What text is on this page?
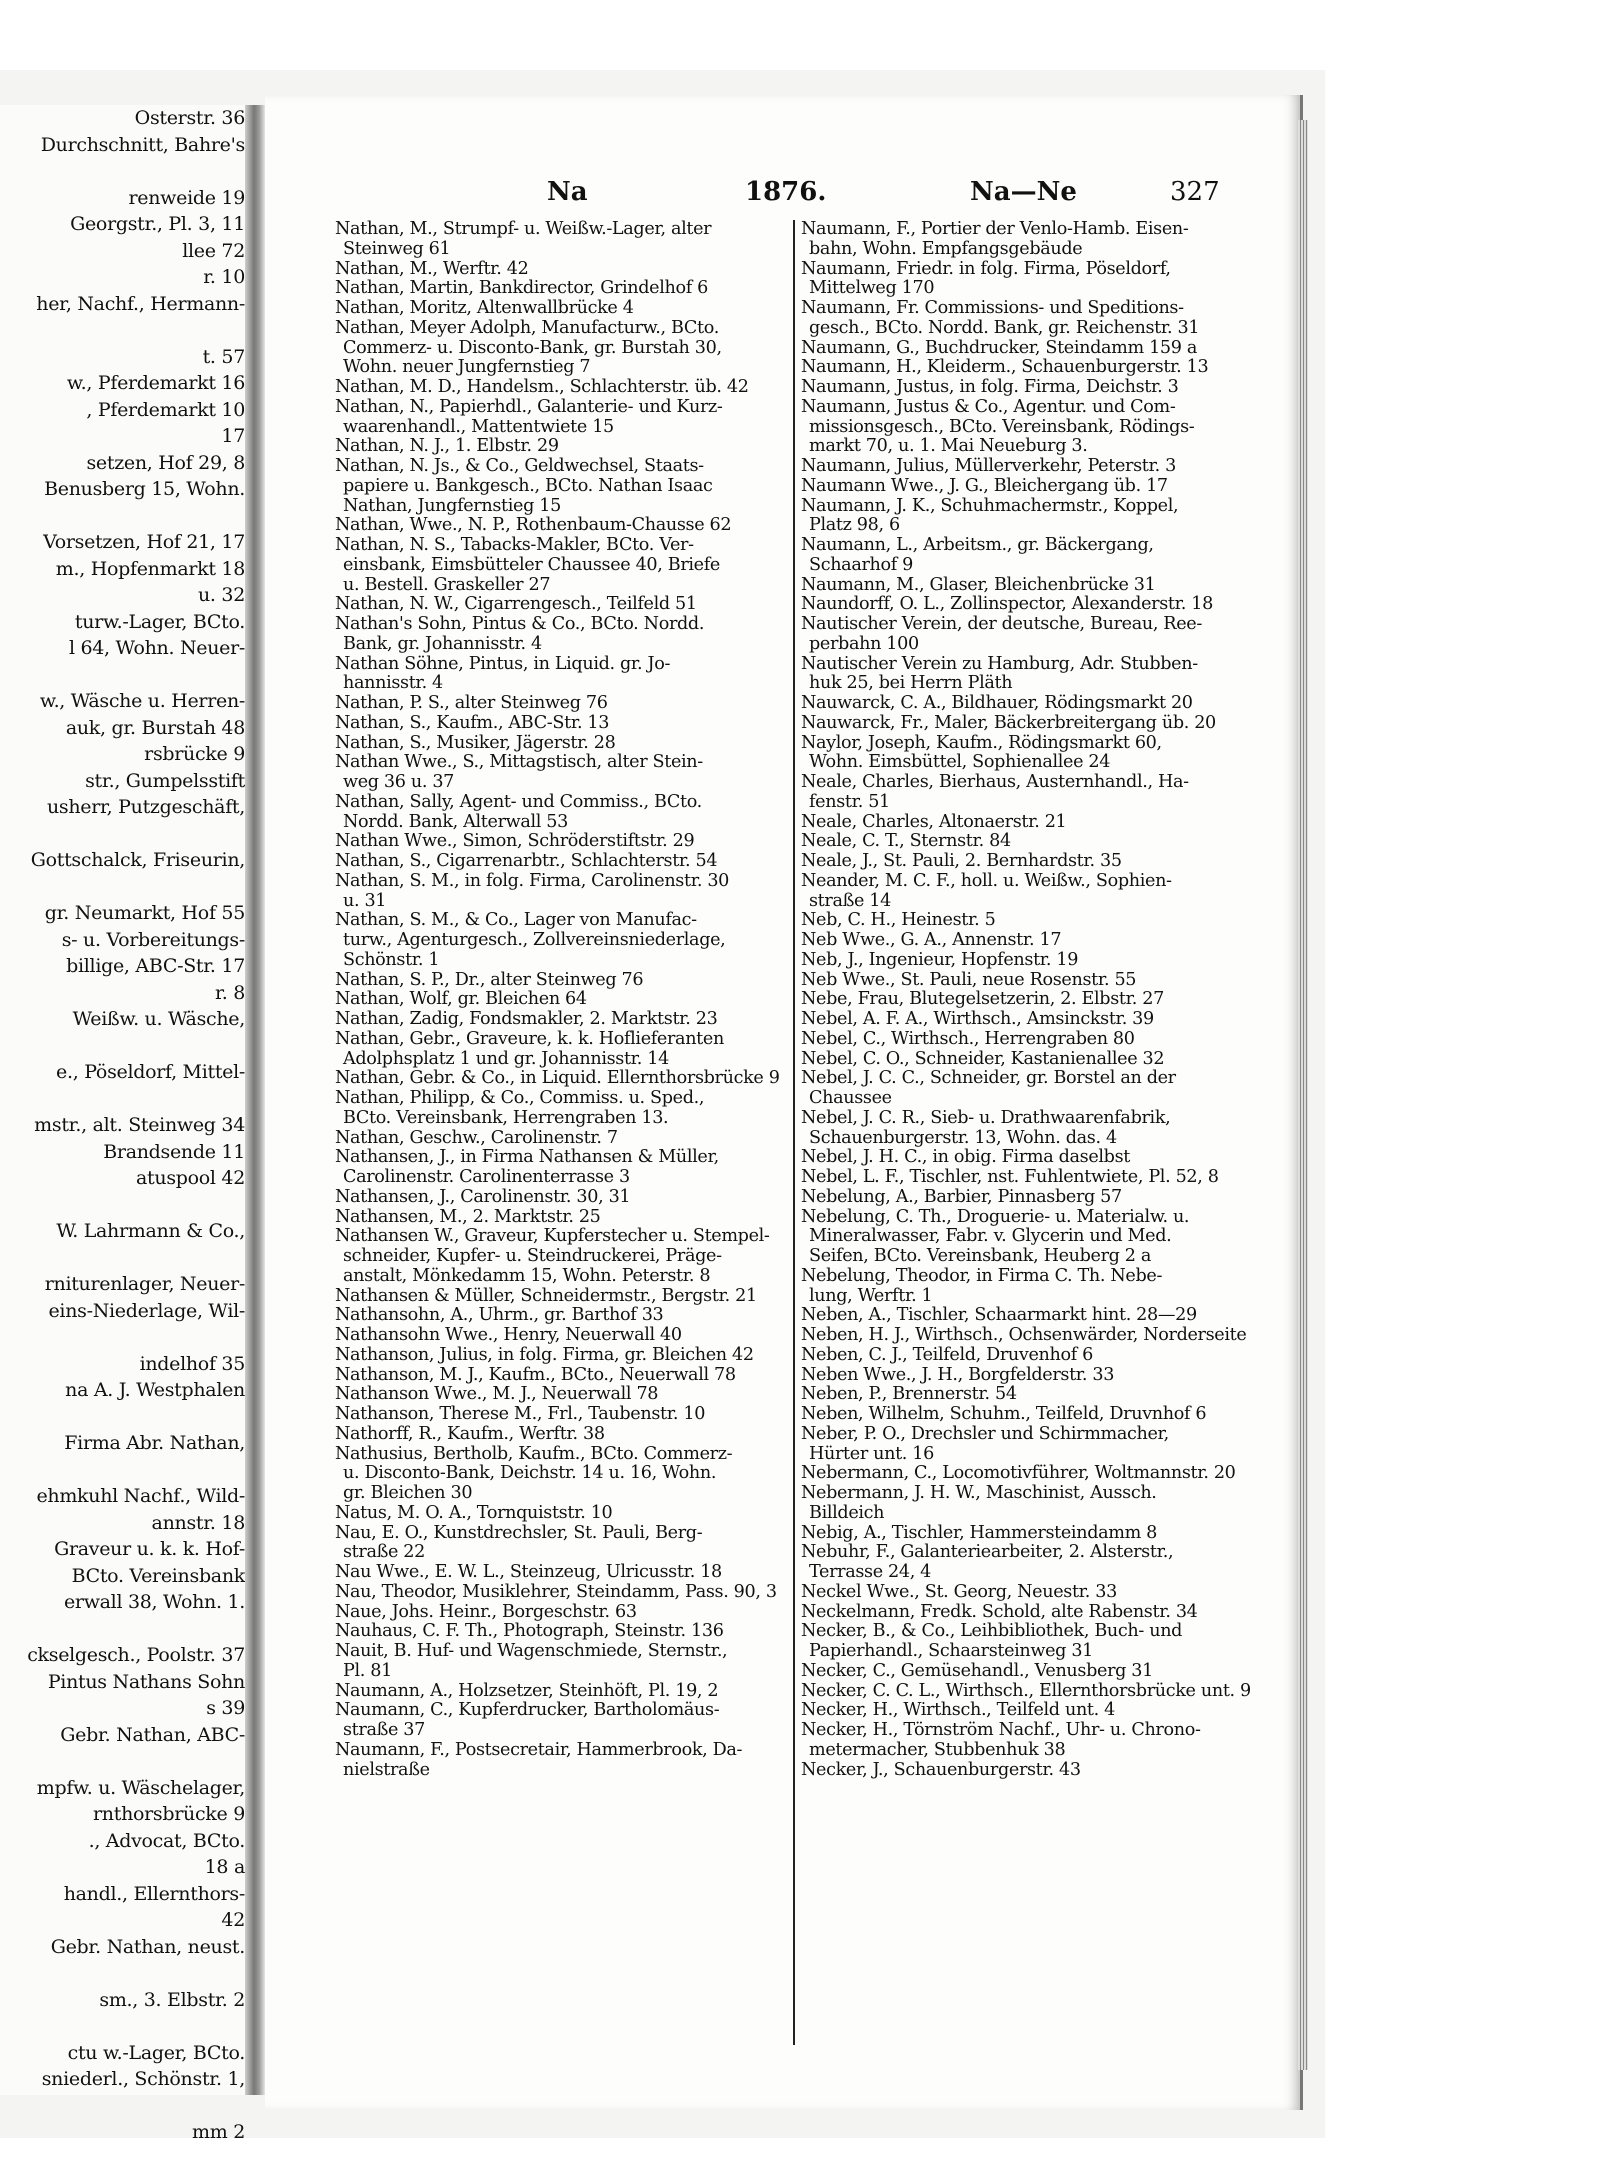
Osterstr. 36
Durchschnitt, Bahre's

renweide 19
Georgstr., Pl. 3, 11
llee 72
r. 10
her, Nachf., Hermann-

t. 57
w., Pferdemarkt 16
, Pferdemarkt 10
17
setzen, Hof 29, 8
Benusberg 15, Wohn.

Vorsetzen, Hof 21, 17
m., Hopfenmarkt 18
u. 32
turw.-Lager, BCto.
l 64, Wohn. Neuer-

w., Wäsche u. Herren-
auk, gr. Burstah 48
rsbrücke 9
str., Gumpelsstift
usherr, Putzgeschäft,

Gottschalck, Friseurin,

gr. Neumarkt, Hof 55
s- u. Vorbereitungs-
billige, ABC-Str. 17
r. 8
Weißw. u. Wäsche,

e., Pöseldorf, Mittel-

mstr., alt. Steinweg 34
Brandsende 11
atuspool 42

W. Lahrmann & Co.,

rniturenlager, Neuer-
eins-Niederlage, Wil-

indelhof 35
na A. J. Westphalen

Firma Abr. Nathan,

ehmkuhl Nachf., Wild-
annstr. 18
Graveur u. k. k. Hof-
BCto. Vereinsbank
erwall 38, Wohn. 1.

ckselgesch., Poolstr. 37
Pintus Nathans Sohn
s 39
Gebr. Nathan, ABC-

mpfw. u. Wäschelager,
rnthorsbrücke 9
., Advocat, BCto.
18 a
handl., Ellernthors-
42
Gebr. Nathan, neust.

sm., 3. Elbstr. 2

ctu w.-Lager, BCto.
sniederl., Schönstr. 1,

mm 2
Na	1876.	Na—Ne	327
Nathan, M., Strumpf- u. Weißw.-Lager, alter
Steinweg 61
Nathan, M., Werftr. 42
Nathan, Martin, Bankdirector, Grindelhof 6
Nathan, Moritz, Altenwallbrücke 4
Nathan, Meyer Adolph, Manufacturw., BCto.
Commerz- u. Disconto-Bank, gr. Burstah 30,
Wohn. neuer Jungfernstieg 7
Nathan, M. D., Handelsm., Schlachterstr. üb. 42
Nathan, N., Papierhdl., Galanterie- und Kurz-
waarenhandl., Mattentwiete 15
Nathan, N. J., 1. Elbstr. 29
Nathan, N. Js., & Co., Geldwechsel, Staats-
papiere u. Bankgesch., BCto. Nathan Isaac
Nathan, Jungfernstieg 15
Nathan, Wwe., N. P., Rothenbaum-Chausse 62
Nathan, N. S., Tabacks-Makler, BCto. Ver-
einsbank, Eimsbütteler Chaussee 40, Briefe
u. Bestell. Graskeller 27
Nathan, N. W., Cigarrengesch., Teilfeld 51
Nathan's Sohn, Pintus & Co., BCto. Nordd.
Bank, gr. Johannisstr. 4
Nathan Söhne, Pintus, in Liquid. gr. Jo-
hannisstr. 4
Nathan, P. S., alter Steinweg 76
Nathan, S., Kaufm., ABC-Str. 13
Nathan, S., Musiker, Jägerstr. 28
Nathan Wwe., S., Mittagstisch, alter Stein-
weg 36 u. 37
Nathan, Sally, Agent- und Commiss., BCto.
Nordd. Bank, Alterwall 53
Nathan Wwe., Simon, Schröderstiftstr. 29
Nathan, S., Cigarrenarbtr., Schlachterstr. 54
Nathan, S. M., in folg. Firma, Carolinenstr. 30
u. 31
Nathan, S. M., & Co., Lager von Manufac-
turw., Agenturgesch., Zollvereinsniederlage,
Schönstr. 1
Nathan, S. P., Dr., alter Steinweg 76
Nathan, Wolf, gr. Bleichen 64
Nathan, Zadig, Fondsmakler, 2. Marktstr. 23
Nathan, Gebr., Graveure, k. k. Hoflieferanten
Adolphsplatz 1 und gr. Johannisstr. 14
Nathan, Gebr. & Co., in Liquid. Ellernthorsbrücke 9
Nathan, Philipp, & Co., Commiss. u. Sped.,
BCto. Vereinsbank, Herrengraben 13.
Nathan, Geschw., Carolinenstr. 7
Nathansen, J., in Firma Nathansen & Müller,
Carolinenstr. Carolinenterrasse 3
Nathansen, J., Carolinenstr. 30, 31
Nathansen, M., 2. Marktstr. 25
Nathansen W., Graveur, Kupferstecher u. Stempel-
schneider, Kupfer- u. Steindruckerei, Präge-
anstalt, Mönkedamm 15, Wohn. Peterstr. 8
Nathansen & Müller, Schneidermstr., Bergstr. 21
Nathansohn, A., Uhrm., gr. Barthof 33
Nathansohn Wwe., Henry, Neuerwall 40
Nathanson, Julius, in folg. Firma, gr. Bleichen 42
Nathanson, M. J., Kaufm., BCto., Neuerwall 78
Nathanson Wwe., M. J., Neuerwall 78
Nathanson, Therese M., Frl., Taubenstr. 10
Nathorff, R., Kaufm., Werftr. 38
Nathusius, Bertholb, Kaufm., BCto. Commerz-
u. Disconto-Bank, Deichstr. 14 u. 16, Wohn.
gr. Bleichen 30
Natus, M. O. A., Tornquiststr. 10
Nau, E. O., Kunstdrechsler, St. Pauli, Berg-
straße 22
Nau Wwe., E. W. L., Steinzeug, Ulricusstr. 18
Nau, Theodor, Musiklehrer, Steindamm, Pass. 90, 3
Naue, Johs. Heinr., Borgeschstr. 63
Nauhaus, C. F. Th., Photograph, Steinstr. 136
Nauit, B. Huf- und Wagenschmiede, Sternstr.,
Pl. 81
Naumann, A., Holzsetzer, Steinhöft, Pl. 19, 2
Naumann, C., Kupferdrucker, Bartholomäus-
straße 37
Naumann, F., Postsecretair, Hammerbrook, Da-
nielstraße
Naumann, F., Portier der Venlo-Hamb. Eisen-
bahn, Wohn. Empfangsgebäude
Naumann, Friedr. in folg. Firma, Pöseldorf,
Mittelweg 170
Naumann, Fr. Commissions- und Speditions-
gesch., BCto. Nordd. Bank, gr. Reichenstr. 31
Naumann, G., Buchdrucker, Steindamm 159 a
Naumann, H., Kleiderm., Schauenburgerstr. 13
Naumann, Justus, in folg. Firma, Deichstr. 3
Naumann, Justus & Co., Agentur. und Com-
missionsgesch., BCto. Vereinsbank, Rödings-
markt 70, u. 1. Mai Neueburg 3.
Naumann, Julius, Müllerverkehr, Peterstr. 3
Naumann Wwe., J. G., Bleichergang üb. 17
Naumann, J. K., Schuhmachermstr., Koppel,
Platz 98, 6
Naumann, L., Arbeitsm., gr. Bäckergang,
Schaarhof 9
Naumann, M., Glaser, Bleichenbrücke 31
Naundorff, O. L., Zollinspector, Alexanderstr. 18
Nautischer Verein, der deutsche, Bureau, Ree-
perbahn 100
Nautischer Verein zu Hamburg, Adr. Stubben-
huk 25, bei Herrn Pläth
Nauwarck, C. A., Bildhauer, Rödingsmarkt 20
Nauwarck, Fr., Maler, Bäckerbreitergang üb. 20
Naylor, Joseph, Kaufm., Rödingsmarkt 60,
Wohn. Eimsbüttel, Sophienallee 24
Neale, Charles, Bierhaus, Austernhandl., Ha-
fenstr. 51
Neale, Charles, Altonaerstr. 21
Neale, C. T., Sternstr. 84
Neale, J., St. Pauli, 2. Bernhardstr. 35
Neander, M. C. F., holl. u. Weißw., Sophien-
straße 14
Neb, C. H., Heinestr. 5
Neb Wwe., G. A., Annenstr. 17
Neb, J., Ingenieur, Hopfenstr. 19
Neb Wwe., St. Pauli, neue Rosenstr. 55
Nebe, Frau, Blutegelsetzerin, 2. Elbstr. 27
Nebel, A. F. A., Wirthsch., Amsinckstr. 39
Nebel, C., Wirthsch., Herrengraben 80
Nebel, C. O., Schneider, Kastanienallee 32
Nebel, J. C. C., Schneider, gr. Borstel an der
Chaussee
Nebel, J. C. R., Sieb- u. Drathwaarenfabrik,
Schauenburgerstr. 13, Wohn. das. 4
Nebel, J. H. C., in obig. Firma daselbst
Nebel, L. F., Tischler, nst. Fuhlentwiete, Pl. 52, 8
Nebelung, A., Barbier, Pinnasberg 57
Nebelung, C. Th., Droguerie- u. Materialw. u.
Mineralwasser, Fabr. v. Glycerin und Med.
Seifen, BCto. Vereinsbank, Heuberg 2 a
Nebelung, Theodor, in Firma C. Th. Nebe-
lung, Werftr. 1
Neben, A., Tischler, Schaarmarkt hint. 28—29
Neben, H. J., Wirthsch., Ochsenwärder, Norderseite
Neben, C. J., Teilfeld, Druvenhof 6
Neben Wwe., J. H., Borgfelderstr. 33
Neben, P., Brennerstr. 54
Neben, Wilhelm, Schuhm., Teilfeld, Druvnhof 6
Neber, P. O., Drechsler und Schirmmacher,
Hürter unt. 16
Nebermann, C., Locomotivführer, Woltmannstr. 20
Nebermann, J. H. W., Maschinist, Aussch.
Billdeich
Nebig, A., Tischler, Hammersteindamm 8
Nebuhr, F., Galanteriearbeiter, 2. Alsterstr.,
Terrasse 24, 4
Neckel Wwe., St. Georg, Neuestr. 33
Neckelmann, Fredk. Schold, alte Rabenstr. 34
Necker, B., & Co., Leihbibliothek, Buch- und
Papierhandl., Schaarsteinweg 31
Necker, C., Gemüsehandl., Venusberg 31
Necker, C. C. L., Wirthsch., Ellernthorsbrücke unt. 9
Necker, H., Wirthsch., Teilfeld unt. 4
Necker, H., Törnström Nachf., Uhr- u. Chrono-
metermacher, Stubbenhuk 38
Necker, J., Schauenburgerstr. 43
